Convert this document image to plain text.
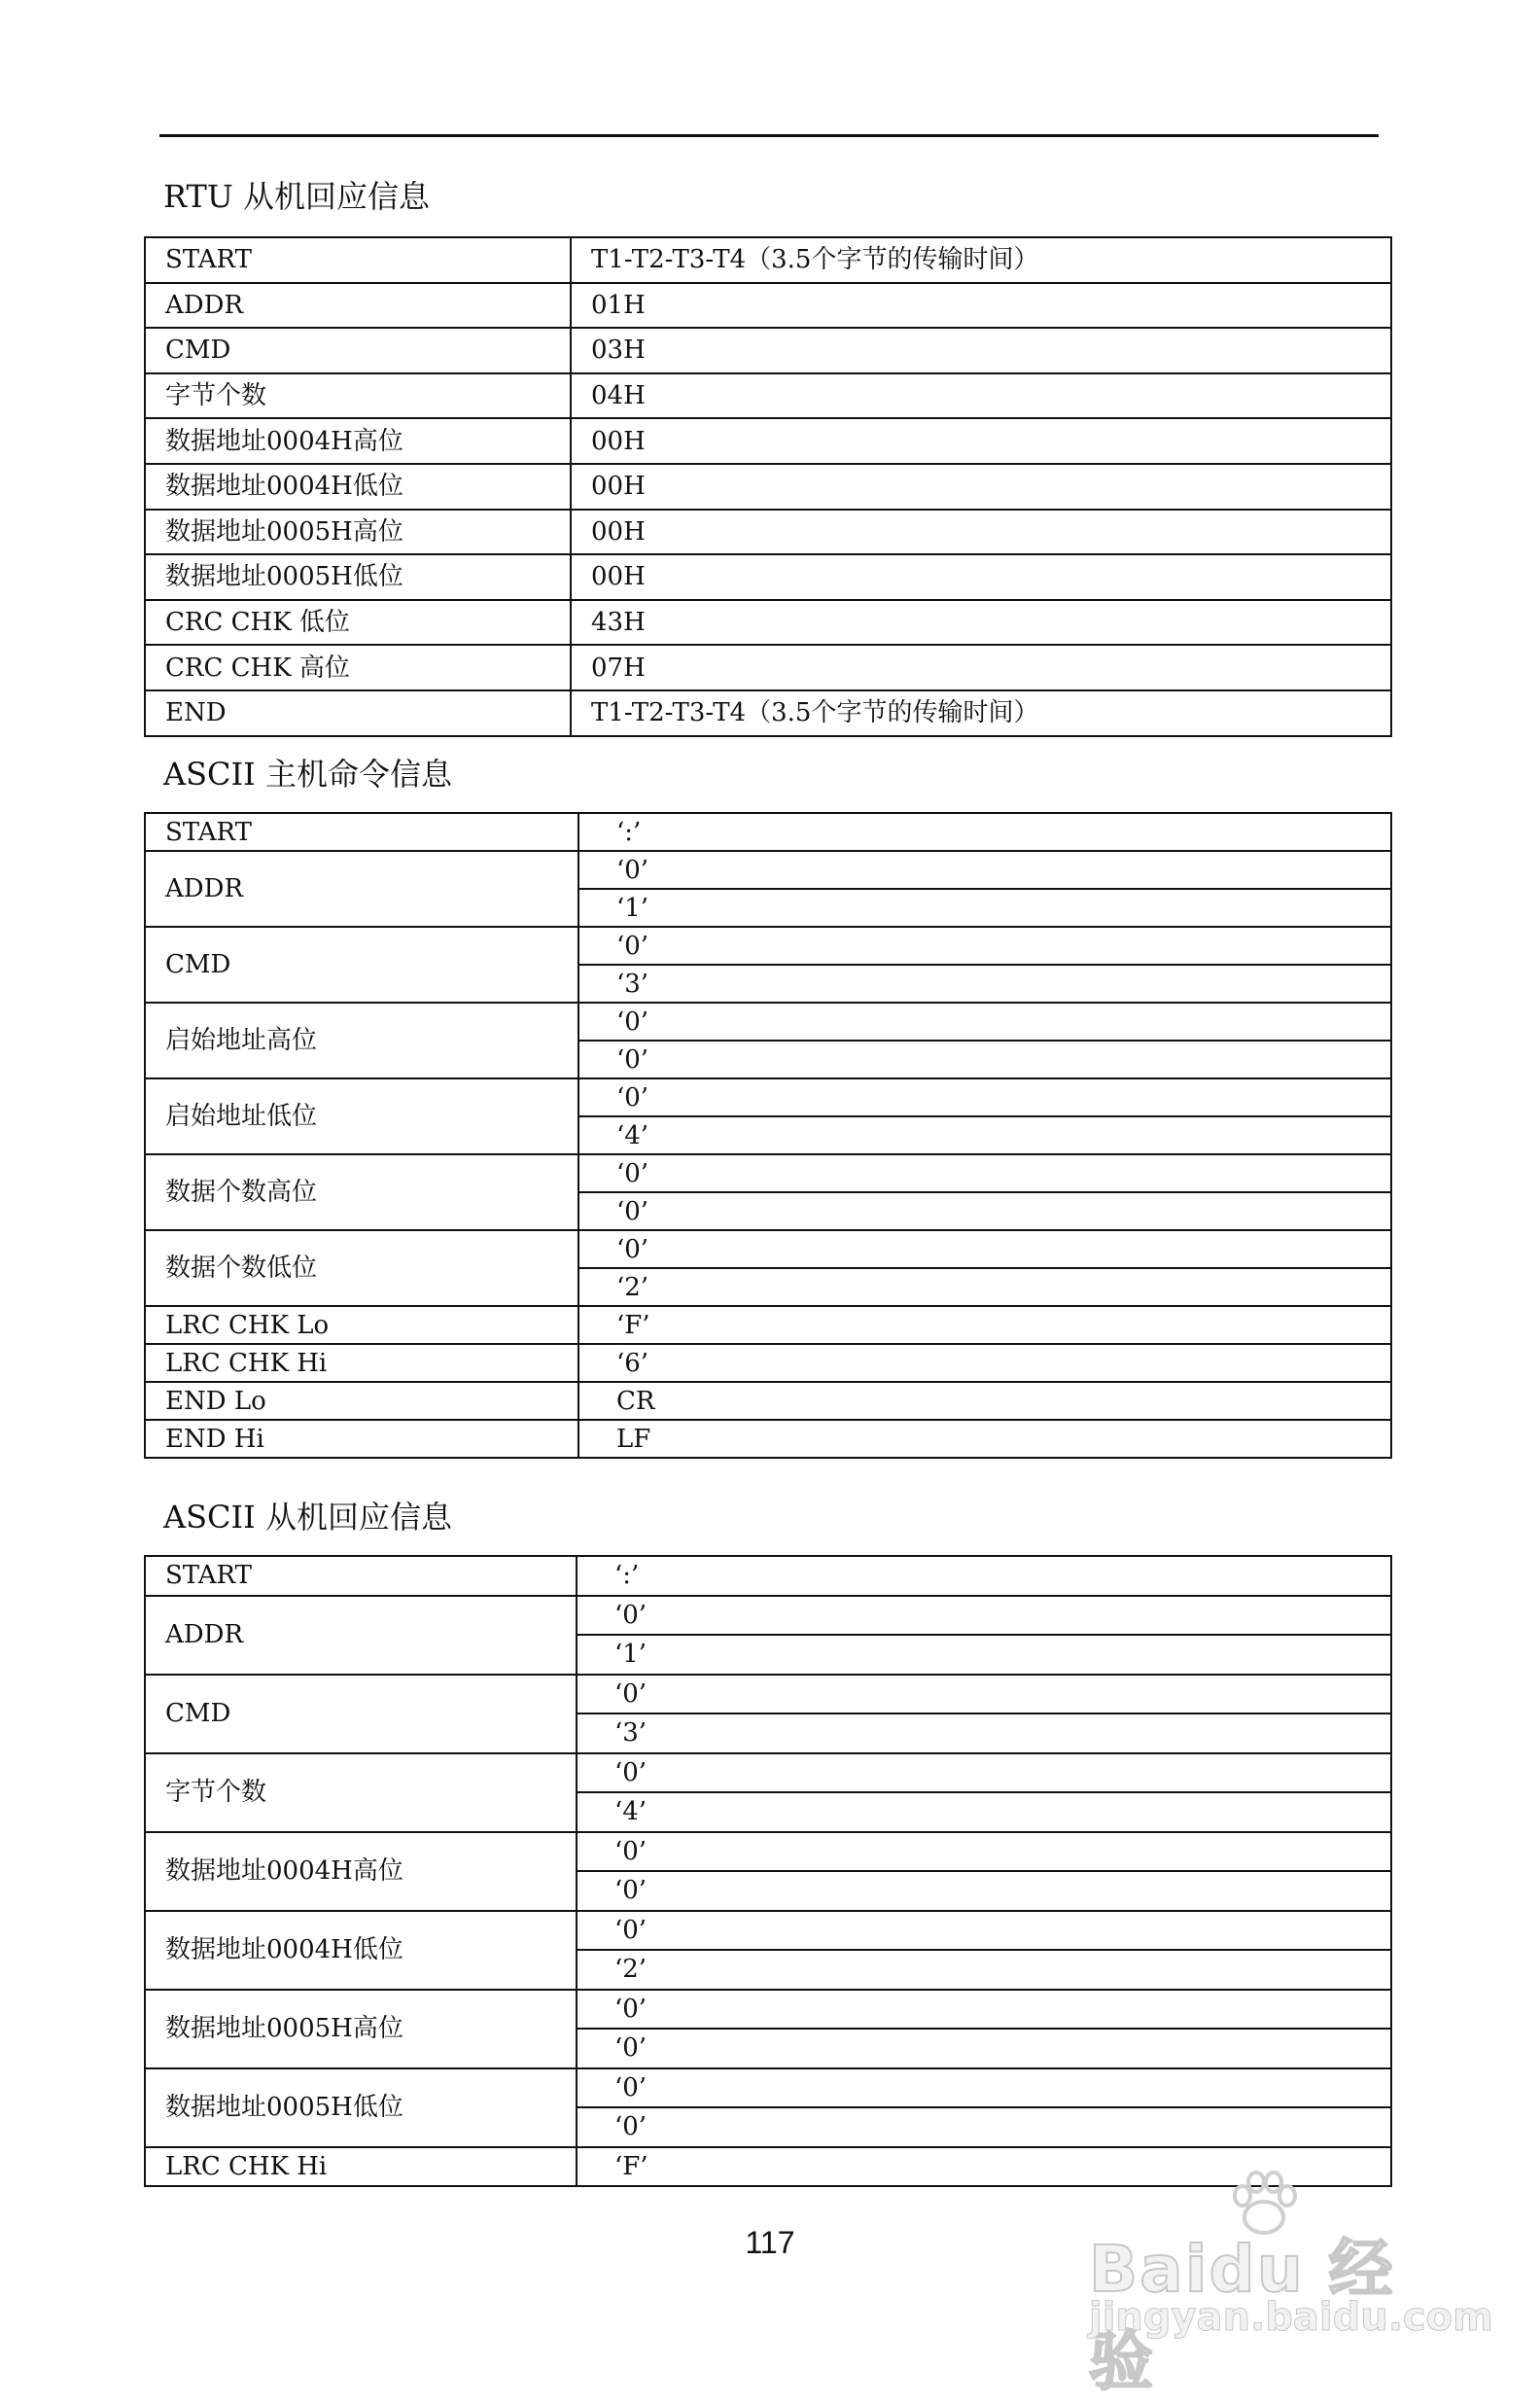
RTU 从机回应信息
START	T1-T2-T3-T4（3.5个字节的传输时间）
ADDR	01H
CMD	03H
字节个数	04H
数据地址0004H高位	00H
数据地址0004H低位	00H
数据地址0005H高位	00H
数据地址0005H低位	00H
CRC CHK 低位	43H
CRC CHK 高位	07H
END	T1-T2-T3-T4（3.5个字节的传输时间）
ASCII 主机命令信息
START	‘:’
ADDR	‘0’
	‘1’
CMD	‘0’
	‘3’
启始地址高位	‘0’
	‘0’
启始地址低位	‘0’
	‘4’
数据个数高位	‘0’
	‘0’
数据个数低位	‘0’
	‘2’
LRC CHK Lo	‘F’
LRC CHK Hi	‘6’
END Lo	CR
END Hi	LF
ASCII 从机回应信息
START	‘:’
ADDR	‘0’
	‘1’
CMD	‘0’
	‘3’
字节个数	‘0’
	‘4’
数据地址0004H高位	‘0’
	‘0’
数据地址0004H低位	‘0’
	‘2’
数据地址0005H高位	‘0’
	‘0’
数据地址0005H低位	‘0’
	‘0’
LRC CHK Hi	‘F’
117	Baidu 经验
jingyan.baidu.com
